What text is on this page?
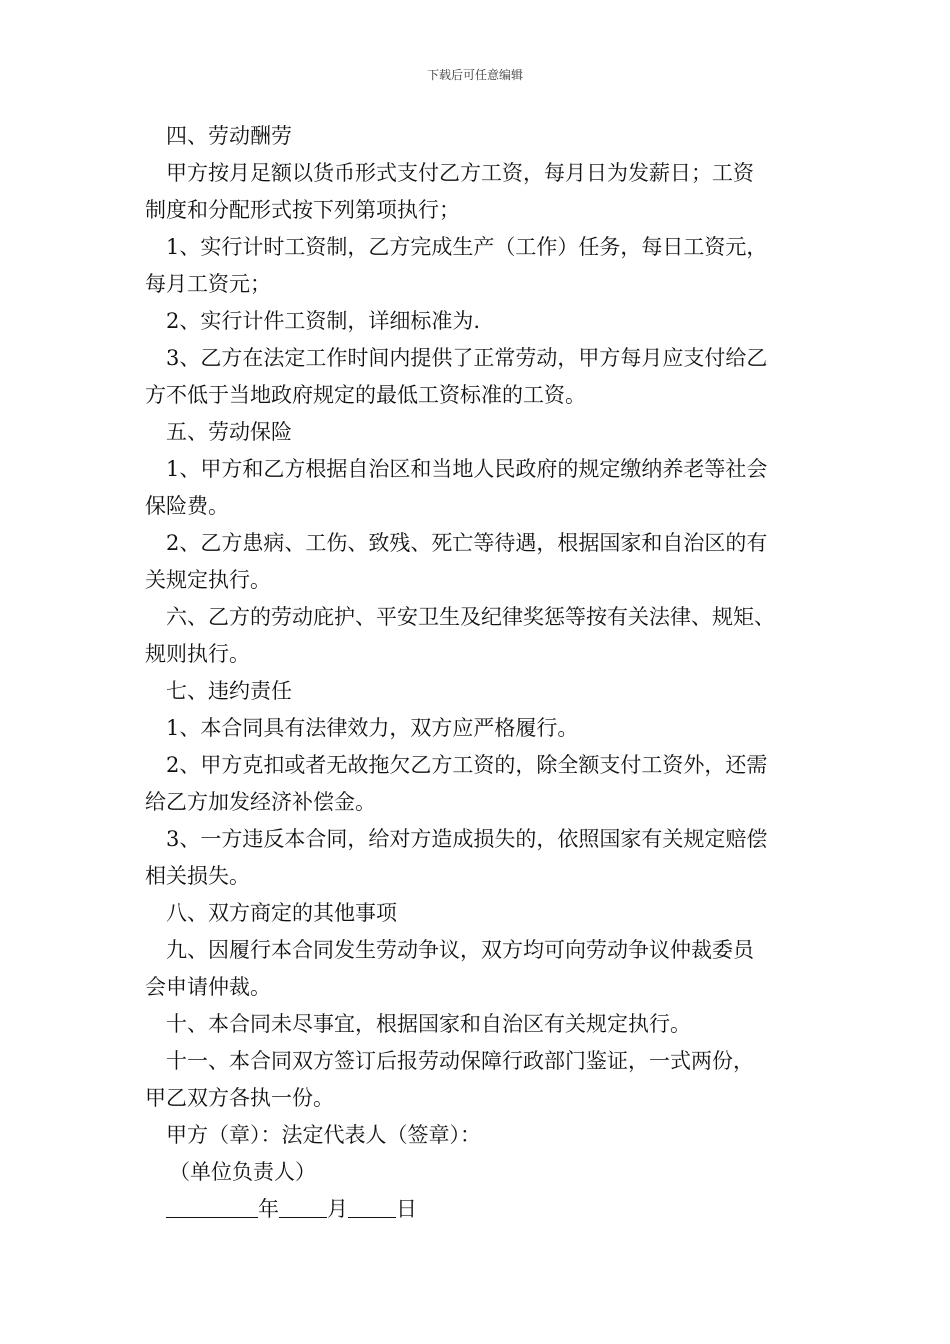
下载后可任意编辑
四、劳动酬劳
甲方按月足额以货币形式支付乙方工资，每月日为发薪日；工资
制度和分配形式按下列第项执行；
1、实行计时工资制，乙方完成生产（工作）任务，每日工资元，
每月工资元；
2、实行计件工资制，详细标准为.
3、乙方在法定工作时间内提供了正常劳动，甲方每月应支付给乙
方不低于当地政府规定的最低工资标准的工资。
五、劳动保险
1、甲方和乙方根据自治区和当地人民政府的规定缴纳养老等社会
保险费。
2、乙方患病、工伤、致残、死亡等待遇，根据国家和自治区的有
关规定执行。
六、乙方的劳动庇护、平安卫生及纪律奖惩等按有关法律、规矩、
规则执行。
七、违约责任
1、本合同具有法律效力，双方应严格履行。
2、甲方克扣或者无故拖欠乙方工资的，除全额支付工资外，还需
给乙方加发经济补偿金。
3、一方违反本合同，给对方造成损失的，依照国家有关规定赔偿
相关损失。
八、双方商定的其他事项
九、因履行本合同发生劳动争议，双方均可向劳动争议仲裁委员
会申请仲裁。
十、本合同未尽事宜，根据国家和自治区有关规定执行。
十一、本合同双方签订后报劳动保障行政部门鉴证，一式两份，
甲乙双方各执一份。
甲方（章）：法定代表人（签章）：
（单位负责人）
年 月 日
